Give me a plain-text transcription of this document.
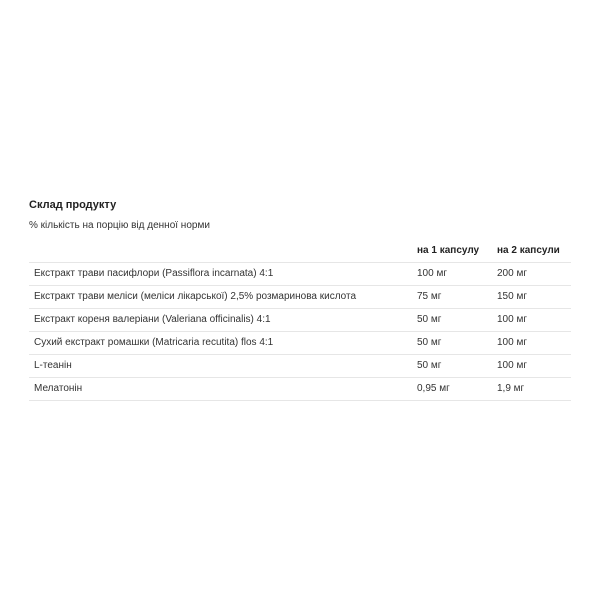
Склад продукту
% кількість на порцію від денної норми
	на 1 капсулу	на 2 капсули
Екстракт трави пасифлори (Passiflora incarnata) 4:1	100 мг	200 мг
Екстракт трави меліси (меліси лікарської) 2,5% розмаринова кислота	75 мг	150 мг
Екстракт кореня валеріани (Valeriana officinalis) 4:1	50 мг	100 мг
Сухий екстракт ромашки (Matricaria recutita) flos 4:1	50 мг	100 мг
L-теанін	50 мг	100 мг
Мелатонін	0,95 мг	1,9 мг
